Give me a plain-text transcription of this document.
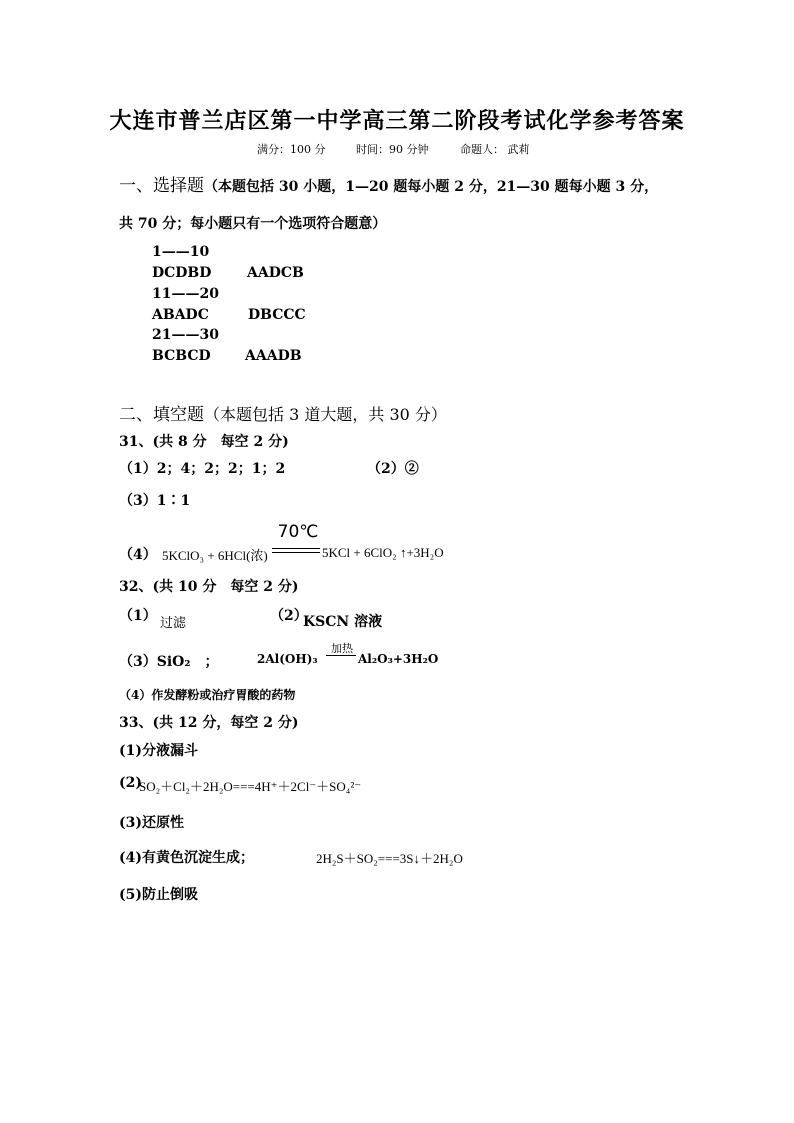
大连市普兰店区第一中学高三第二阶段考试化学参考答案
满分：100 分	时间：90 分钟	命题人： 武莉
一、选择题（本题包括 30 小题，1—20 题每小题 2 分，21—30 题每小题 3 分，
共 70 分；每小题只有一个选项符合题意）
1——10
DCDBD	AADCB
11——20
ABADC	DBCCC
21——30
BCBCD AAADB
二、填空题（本题包括 3 道大题，共 30 分）
31、(共 8 分　每空 2 分)
（1）2；4；2；2；1；2	（2）②
（3）1∶1
（4） 5KClO₃ + 6HCl(浓)
70℃
5KCl + 6ClO₂ ↑+3H₂O
32、(共 10 分　每空 2 分)
（1） 过滤	（2）
KSCN 溶液
（3）SiO₂　；	2Al(OH)₃
加热
Al₂O₃+3H₂O
（4）作发酵粉或治疗胃酸的药物
33、(共 12 分，每空 2 分)
(1)分液漏斗
(2)
SO₂＋Cl₂＋2H₂O===4H⁺＋2Cl⁻＋SO₄²⁻
(3)还原性
(4)有黄色沉淀生成；	2H₂S＋SO₂===3S↓＋2H₂O
(5)防止倒吸
